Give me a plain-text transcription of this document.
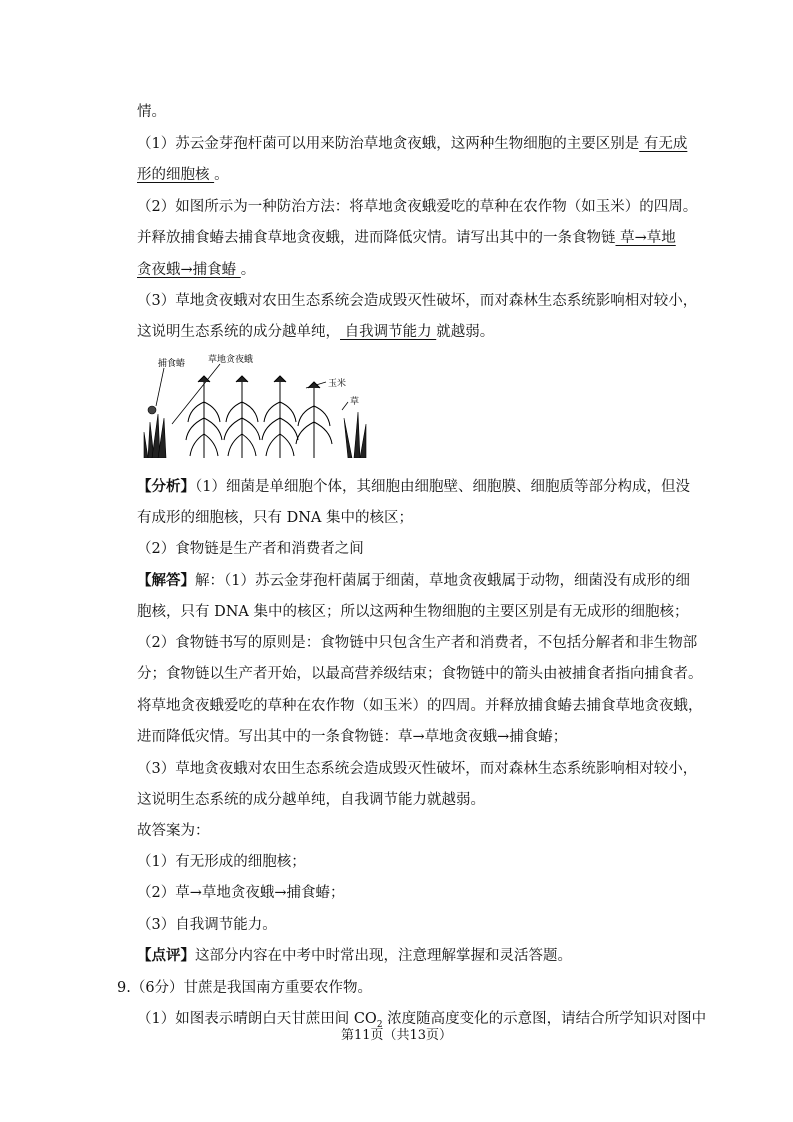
情。
（1）苏云金芽孢杆菌可以用来防治草地贪夜蛾，这两种生物细胞的主要区别是 有无成
形的细胞核 。
（2）如图所示为一种防治方法：将草地贪夜蛾爱吃的草种在农作物（如玉米）的四周。
并释放捕食蝽去捕食草地贪夜蛾，进而降低灾情。请写出其中的一条食物链 草→草地
贪夜蛾→捕食蝽 。
（3）草地贪夜蛾对农田生态系统会造成毁灭性破坏，而对森林生态系统影响相对较小，
这说明生态系统的成分越单纯， 自我调节能力 就越弱。
捕食蝽	草地贪夜蛾
玉米
草
【分析】（1）细菌是单细胞个体，其细胞由细胞壁、细胞膜、细胞质等部分构成，但没
有成形的细胞核，只有 DNA 集中的核区；
（2）食物链是生产者和消费者之间
【解答】解：（1）苏云金芽孢杆菌属于细菌，草地贪夜蛾属于动物，细菌没有成形的细
胞核，只有 DNA 集中的核区；所以这两种生物细胞的主要区别是有无成形的细胞核；
（2）食物链书写的原则是：食物链中只包含生产者和消费者，不包括分解者和非生物部
分；食物链以生产者开始，以最高营养级结束；食物链中的箭头由被捕食者指向捕食者。
将草地贪夜蛾爱吃的草种在农作物（如玉米）的四周。并释放捕食蝽去捕食草地贪夜蛾，
进而降低灾情。写出其中的一条食物链：草→草地贪夜蛾→捕食蝽；
（3）草地贪夜蛾对农田生态系统会造成毁灭性破坏，而对森林生态系统影响相对较小，
这说明生态系统的成分越单纯，自我调节能力就越弱。
故答案为：
（1）有无形成的细胞核；
（2）草→草地贪夜蛾→捕食蝽；
（3）自我调节能力。
【点评】这部分内容在中考中时常出现，注意理解掌握和灵活答题。
9.（6分）甘蔗是我国南方重要农作物。
（1）如图表示晴朗白天甘蔗田间 $CO_2$ 浓度随高度变化的示意图，请结合所学知识对图中
第11页（共13页）
